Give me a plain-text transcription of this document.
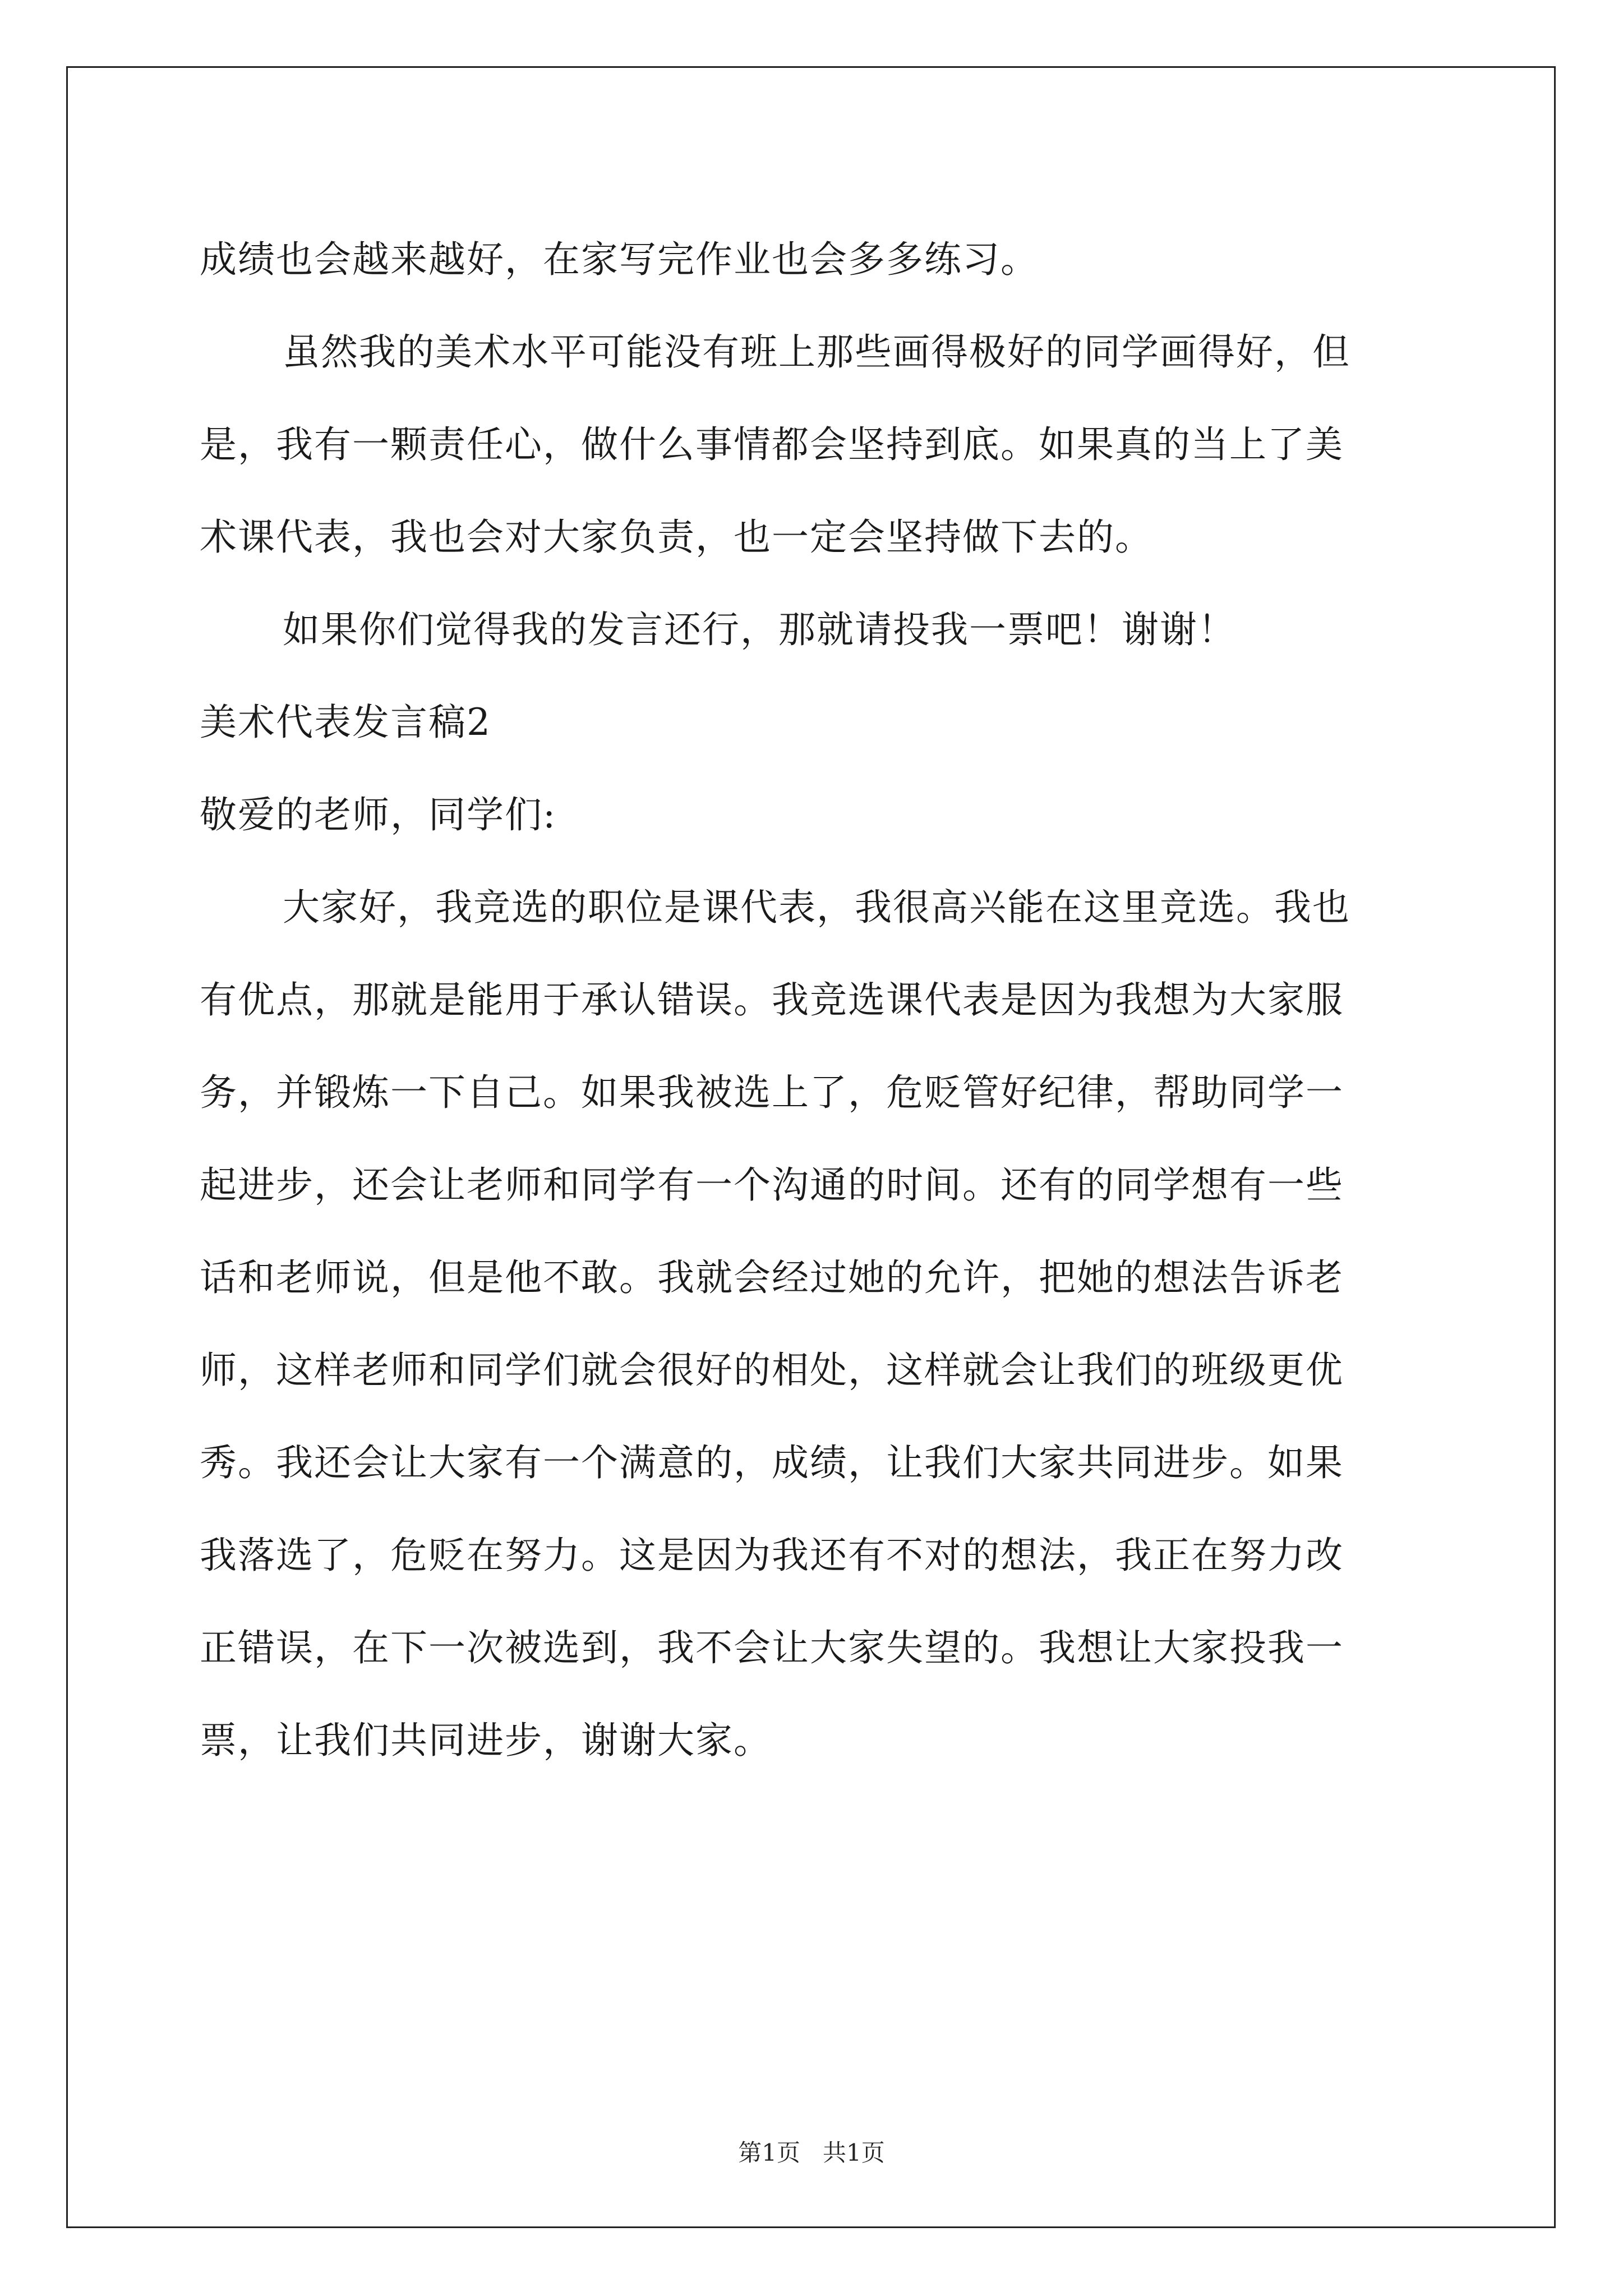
成绩也会越来越好，在家写完作业也会多多练习。
虽然我的美术水平可能没有班上那些画得极好的同学画得好，但
是，我有一颗责任心，做什么事情都会坚持到底。如果真的当上了美
术课代表，我也会对大家负责，也一定会坚持做下去的。
如果你们觉得我的发言还行，那就请投我一票吧！谢谢！
美术代表发言稿2
敬爱的老师，同学们:
大家好，我竞选的职位是课代表，我很高兴能在这里竞选。我也
有优点，那就是能用于承认错误。我竞选课代表是因为我想为大家服
务，并锻炼一下自己。如果我被选上了，危贬管好纪律，帮助同学一
起进步，还会让老师和同学有一个沟通的时间。还有的同学想有一些
话和老师说，但是他不敢。我就会经过她的允许，把她的想法告诉老
师，这样老师和同学们就会很好的相处，这样就会让我们的班级更优
秀。我还会让大家有一个满意的，成绩，让我们大家共同进步。如果
我落选了，危贬在努力。这是因为我还有不对的想法，我正在努力改
正错误，在下一次被选到，我不会让大家失望的。我想让大家投我一
票，让我们共同进步，谢谢大家。
第1页 共1页
